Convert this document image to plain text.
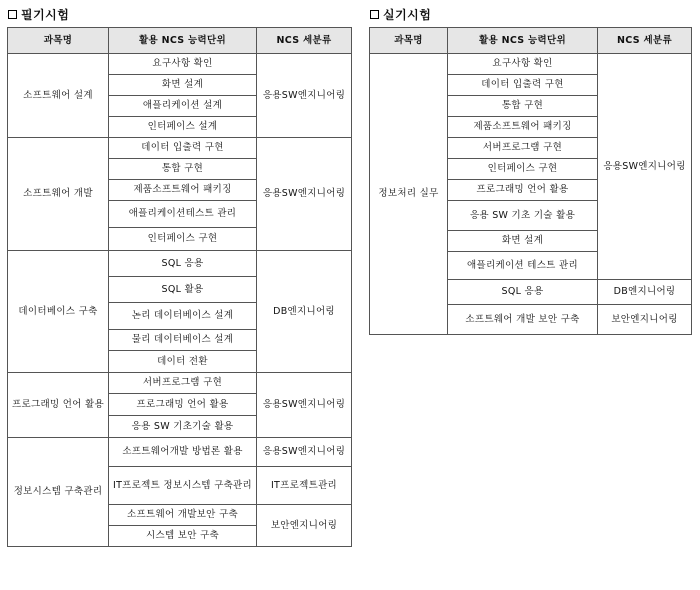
필기시험
과목명	활용 NCS 능력단위	NCS 세분류
소프트웨어 설계	요구사항 확인	응용SW엔지니어링
	화면 설계	
	애플리케이션 설계	
	인터페이스 설계	
소프트웨어 개발	데이터 입출력 구현	응용SW엔지니어링
	통합 구현	
	제품소프트웨어 패키징	
	애플리케이션테스트 관리	
	인터페이스 구현	
데이터베이스 구축	SQL 응용	DB엔지니어링
	SQL 활용	
	논리 데이터베이스 설계	
	물리 데이터베이스 설계	
	데이터 전환	
프로그래밍 언어 활용	서버프로그램 구현	응용SW엔지니어링
	프로그래밍 언어 활용	
	응용 SW 기초기술 활용	
정보시스템 구축관리	소프트웨어개발 방법론 활용	응용SW엔지니어링
	IT프로젝트 정보시스템 구축관리	IT프로젝트관리
	소프트웨어 개발보안 구축	보안엔지니어링
	시스템 보안 구축	
실기시험
과목명	활용 NCS 능력단위	NCS 세분류
정보처리 실무	요구사항 확인	응용SW엔지니어링
	데이터 입출력 구현	
	통합 구현	
	제품소프트웨어 패키징	
	서버프로그램 구현	
	인터페이스 구현	
	프로그래밍 언어 활용	
	응용 SW 기초 기술 활용	
	화면 설계	
	애플리케이션 테스트 관리	
	SQL 응용	DB엔지니어링
	소프트웨어 개발 보안 구축	보안엔지니어링
